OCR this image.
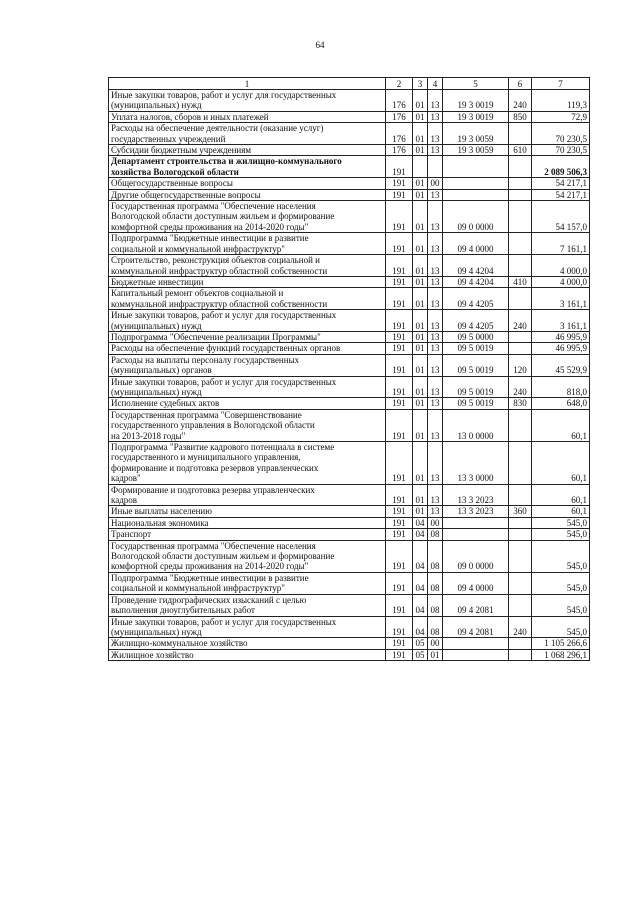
64
1	2	3	4	5	6	7
Иные закупки товаров, работ и услуг для государственных
(муниципальных) нужд	176	01	13	19 3 0019	240	119,3
Уплата налогов, сборов и иных платежей	176	01	13	19 3 0019	850	72,9
Расходы на обеспечение деятельности (оказание услуг)
государственных учреждений	176	01	13	19 3 0059		70 230,5
Субсидии бюджетным учреждениям	176	01	13	19 3 0059	610	70 230,5
Департамент строительства и жилищно-коммунального
хозяйства Вологодской области	191					2 089 506,3
Общегосударственные вопросы	191	01	00			54 217,1
Другие общегосударственные вопросы	191	01	13			54 217,1
Государственная программа "Обеспечение населения
Вологодской области доступным жильем и формирование
комфортной среды проживания на 2014-2020 годы"	191	01	13	09 0 0000		54 157,0
Подпрограмма "Бюджетные инвестиции в развитие
социальной и коммунальной инфраструктур"	191	01	13	09 4 0000		7 161,1
Строительство, реконструкция объектов социальной и
коммунальной инфраструктур областной собственности	191	01	13	09 4 4204		4 000,0
Бюджетные инвестиции	191	01	13	09 4 4204	410	4 000,0
Капитальный ремонт объектов социальной и
коммунальной инфраструктур областной собственности	191	01	13	09 4 4205		3 161,1
Иные закупки товаров, работ и услуг для государственных
(муниципальных) нужд	191	01	13	09 4 4205	240	3 161,1
Подпрограмма "Обеспечение реализации Программы"	191	01	13	09 5 0000		46 995,9
Расходы на обеспечение функций государственных органов	191	01	13	09 5 0019		46 995,9
Расходы на выплаты персоналу государственных
(муниципальных) органов	191	01	13	09 5 0019	120	45 529,9
Иные закупки товаров, работ и услуг для государственных
(муниципальных) нужд	191	01	13	09 5 0019	240	818,0
Исполнение судебных актов	191	01	13	09 5 0019	830	648,0
Государственная программа "Совершенствование
государственного управления в Вологодской области
на 2013-2018 годы"	191	01	13	13 0 0000		60,1
Подпрограмма "Развитие кадрового потенциала в системе
государственного и муниципального управления,
формирование и подготовка резервов управленческих
кадров"	191	01	13	13 3 0000		60,1
Формирование и подготовка резерва управленческих
кадров	191	01	13	13 3 2023		60,1
Иные выплаты населению	191	01	13	13 3 2023	360	60,1
Национальная экономика	191	04	00			545,0
Транспорт	191	04	08			545,0
Государственная программа "Обеспечение населения
Вологодской области доступным жильем и формирование
комфортной среды проживания на 2014-2020 годы"	191	04	08	09 0 0000		545,0
Подпрограмма "Бюджетные инвестиции в развитие
социальной и коммунальной инфраструктур"	191	04	08	09 4 0000		545,0
Проведение гидрографических изысканий с целью
выполнения дноуглубительных работ	191	04	08	09 4 2081		545,0
Иные закупки товаров, работ и услуг для государственных
(муниципальных) нужд	191	04	08	09 4 2081	240	545,0
Жилищно-коммунальное хозяйство	191	05	00			1 105 266,6
Жилищное хозяйство	191	05	01			1 068 296,1
